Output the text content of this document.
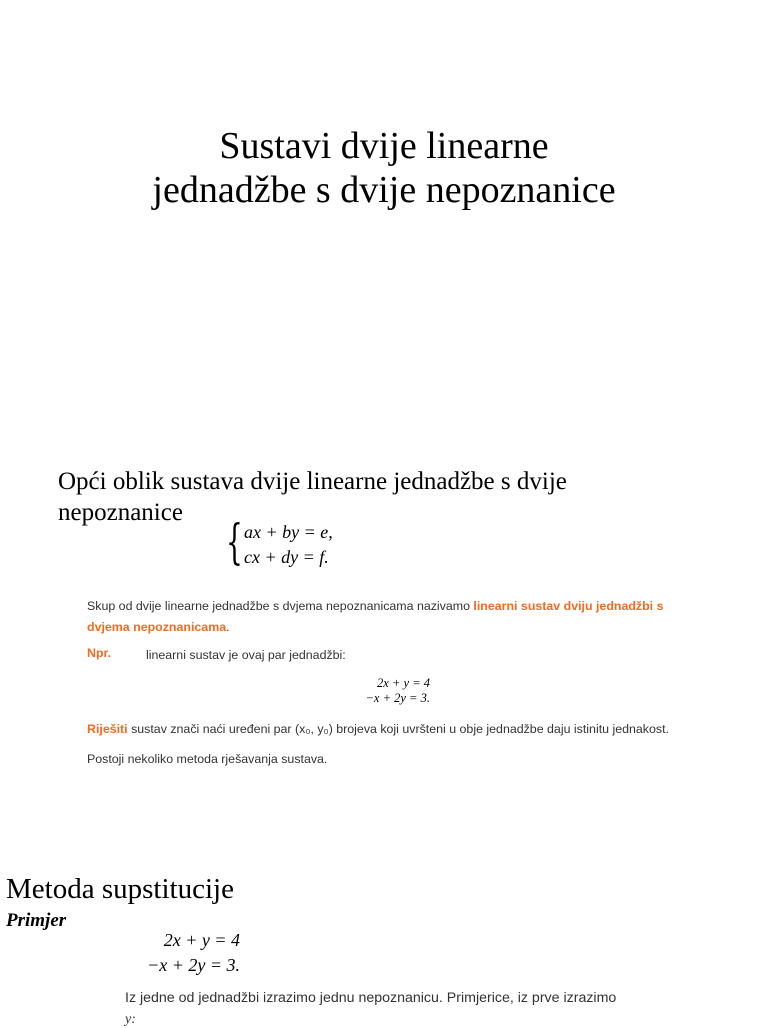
Sustavi dvije linearne
jednadžbe s dvije nepoznanice
Opći oblik sustava dvije linearne jednadžbe s dvije
nepoznanice
{ ax + by = e,
cx + dy = f.
Skup od dvije linearne jednadžbe s dvjema nepoznanicama nazivamo linearni sustav dviju jednadžbi s dvjema nepoznanicama.
Npr.	linearni sustav je ovaj par jednadžbi:
2x + y = 4
−x + 2y = 3.
Riješiti sustav znači naći uređeni par (x₀, y₀) brojeva koji uvršteni u obje jednadžbe daju istinitu jednakost.
Postoji nekoliko metoda rješavanja sustava.
Metoda supstitucije
Primjer
2x + y = 4
−x + 2y = 3.
Iz jedne od jednadžbi izrazimo jednu nepoznanicu. Primjerice, iz prve izrazimo
y:
